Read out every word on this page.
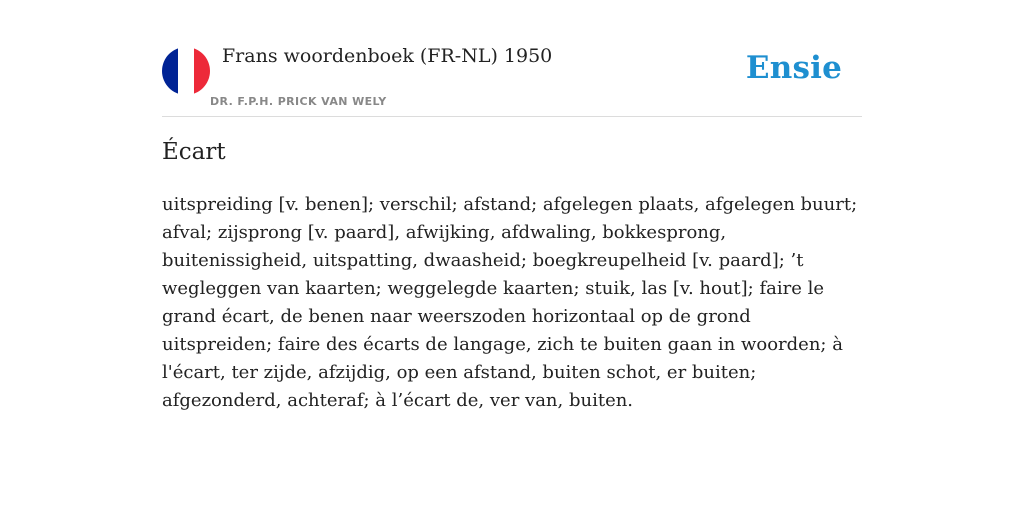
Frans woordenboek (FR-NL) 1950
DR. F.P.H. PRICK VAN WELY
Ensie
Écart

uitspreiding [v. benen]; verschil; afstand; afgelegen plaats, afgelegen buurt; afval; zijsprong [v. paard], afwijking, afdwaling, bokkesprong, buitenissigheid, uitspatting, dwaasheid; boegkreupelheid [v. paard]; ’t wegleggen van kaarten; weggelegde kaarten; stuik, las [v. hout]; faire le grand écart, de benen naar weerszoden horizontaal op de grond uitspreiden; faire des écarts de langage, zich te buiten gaan in woorden; à l'écart, ter zijde, afzijdig, op een afstand, buiten schot, er buiten; afgezonderd, achteraf; à l’écart de, ver van, buiten.
